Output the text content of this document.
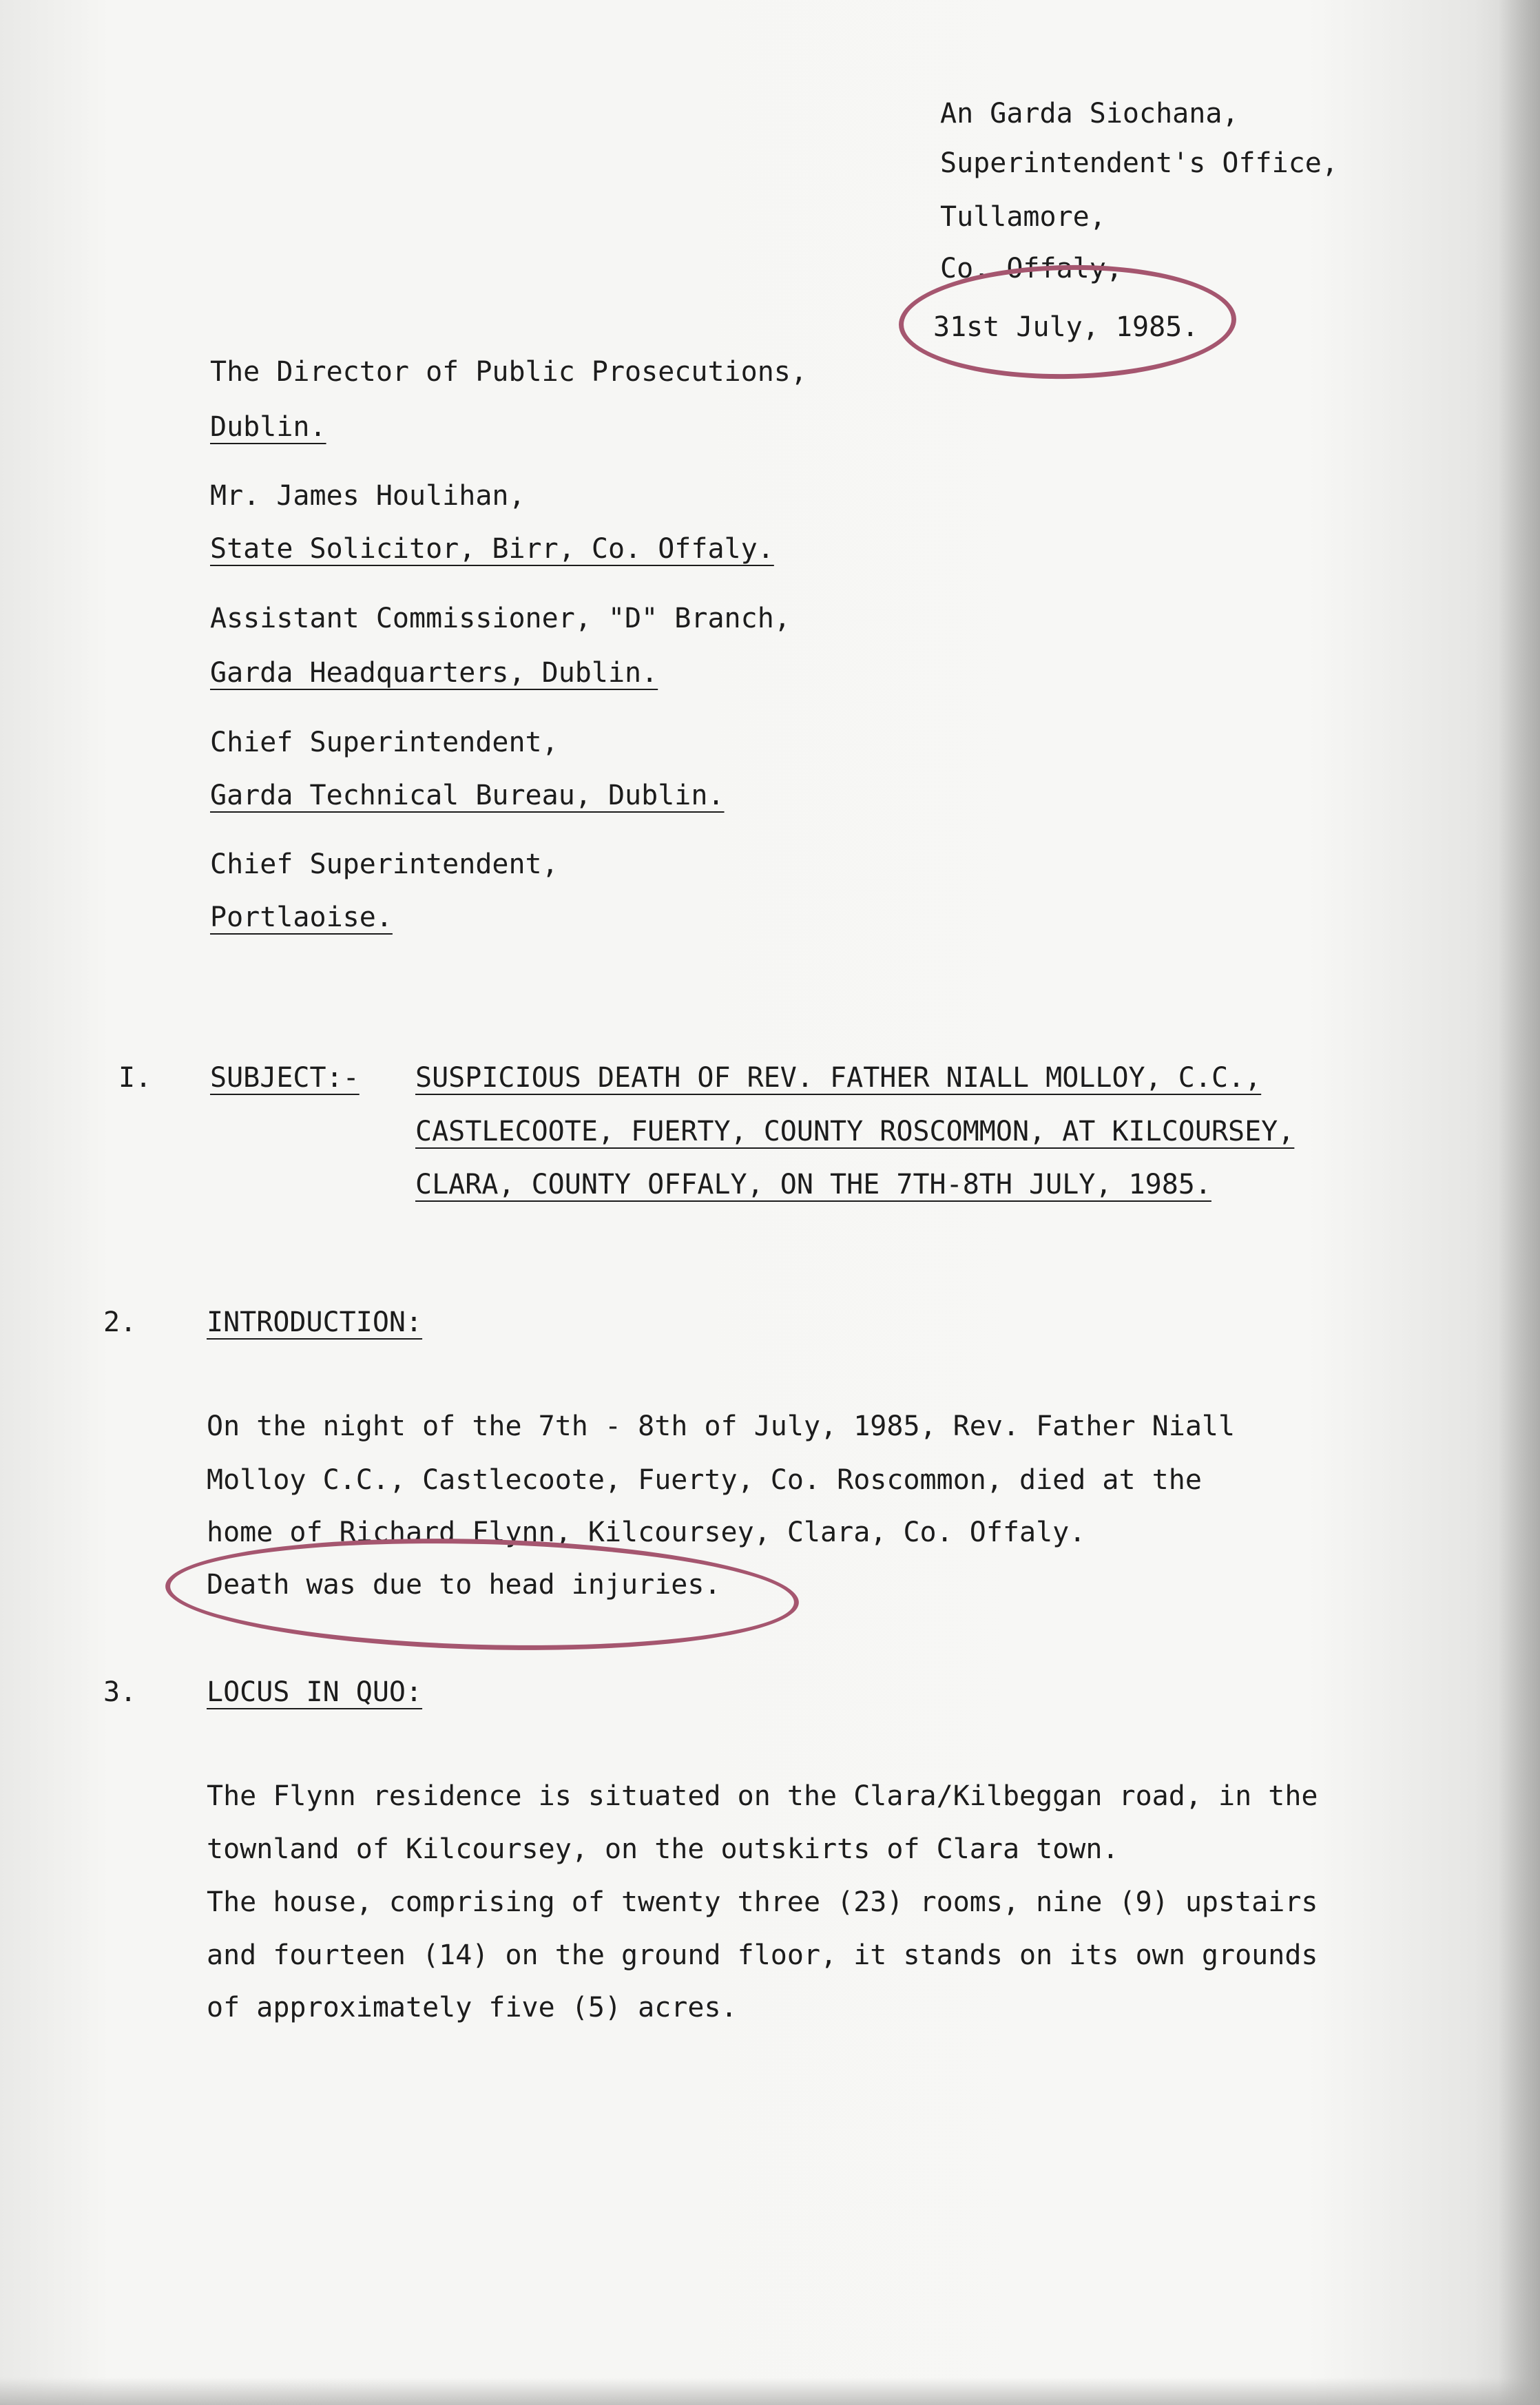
An Garda Siochana,
Superintendent's Office,
Tullamore,
Co. Offaly,
31st July, 1985.
The Director of Public Prosecutions,
Dublin.
Mr. James Houlihan,
State Solicitor, Birr, Co. Offaly.
Assistant Commissioner, "D" Branch,
Garda Headquarters, Dublin.
Chief Superintendent,
Garda Technical Bureau, Dublin.
Chief Superintendent,
Portlaoise.
I. SUBJECT:- SUSPICIOUS DEATH OF REV. FATHER NIALL MOLLOY, C.C.,
CASTLECOOTE, FUERTY, COUNTY ROSCOMMON, AT KILCOURSEY,
CLARA, COUNTY OFFALY, ON THE 7TH-8TH JULY, 1985.
2.	INTRODUCTION:
On the night of the 7th - 8th of July, 1985, Rev. Father Niall
Molloy C.C., Castlecoote, Fuerty, Co. Roscommon, died at the
home of Richard Flynn, Kilcoursey, Clara, Co. Offaly.
Death was due to head injuries.
3.	LOCUS IN QUO:
The Flynn residence is situated on the Clara/Kilbeggan road, in the
townland of Kilcoursey, on the outskirts of Clara town.
The house, comprising of twenty three (23) rooms, nine (9) upstairs
and fourteen (14) on the ground floor, it stands on its own grounds
of approximately five (5) acres.
